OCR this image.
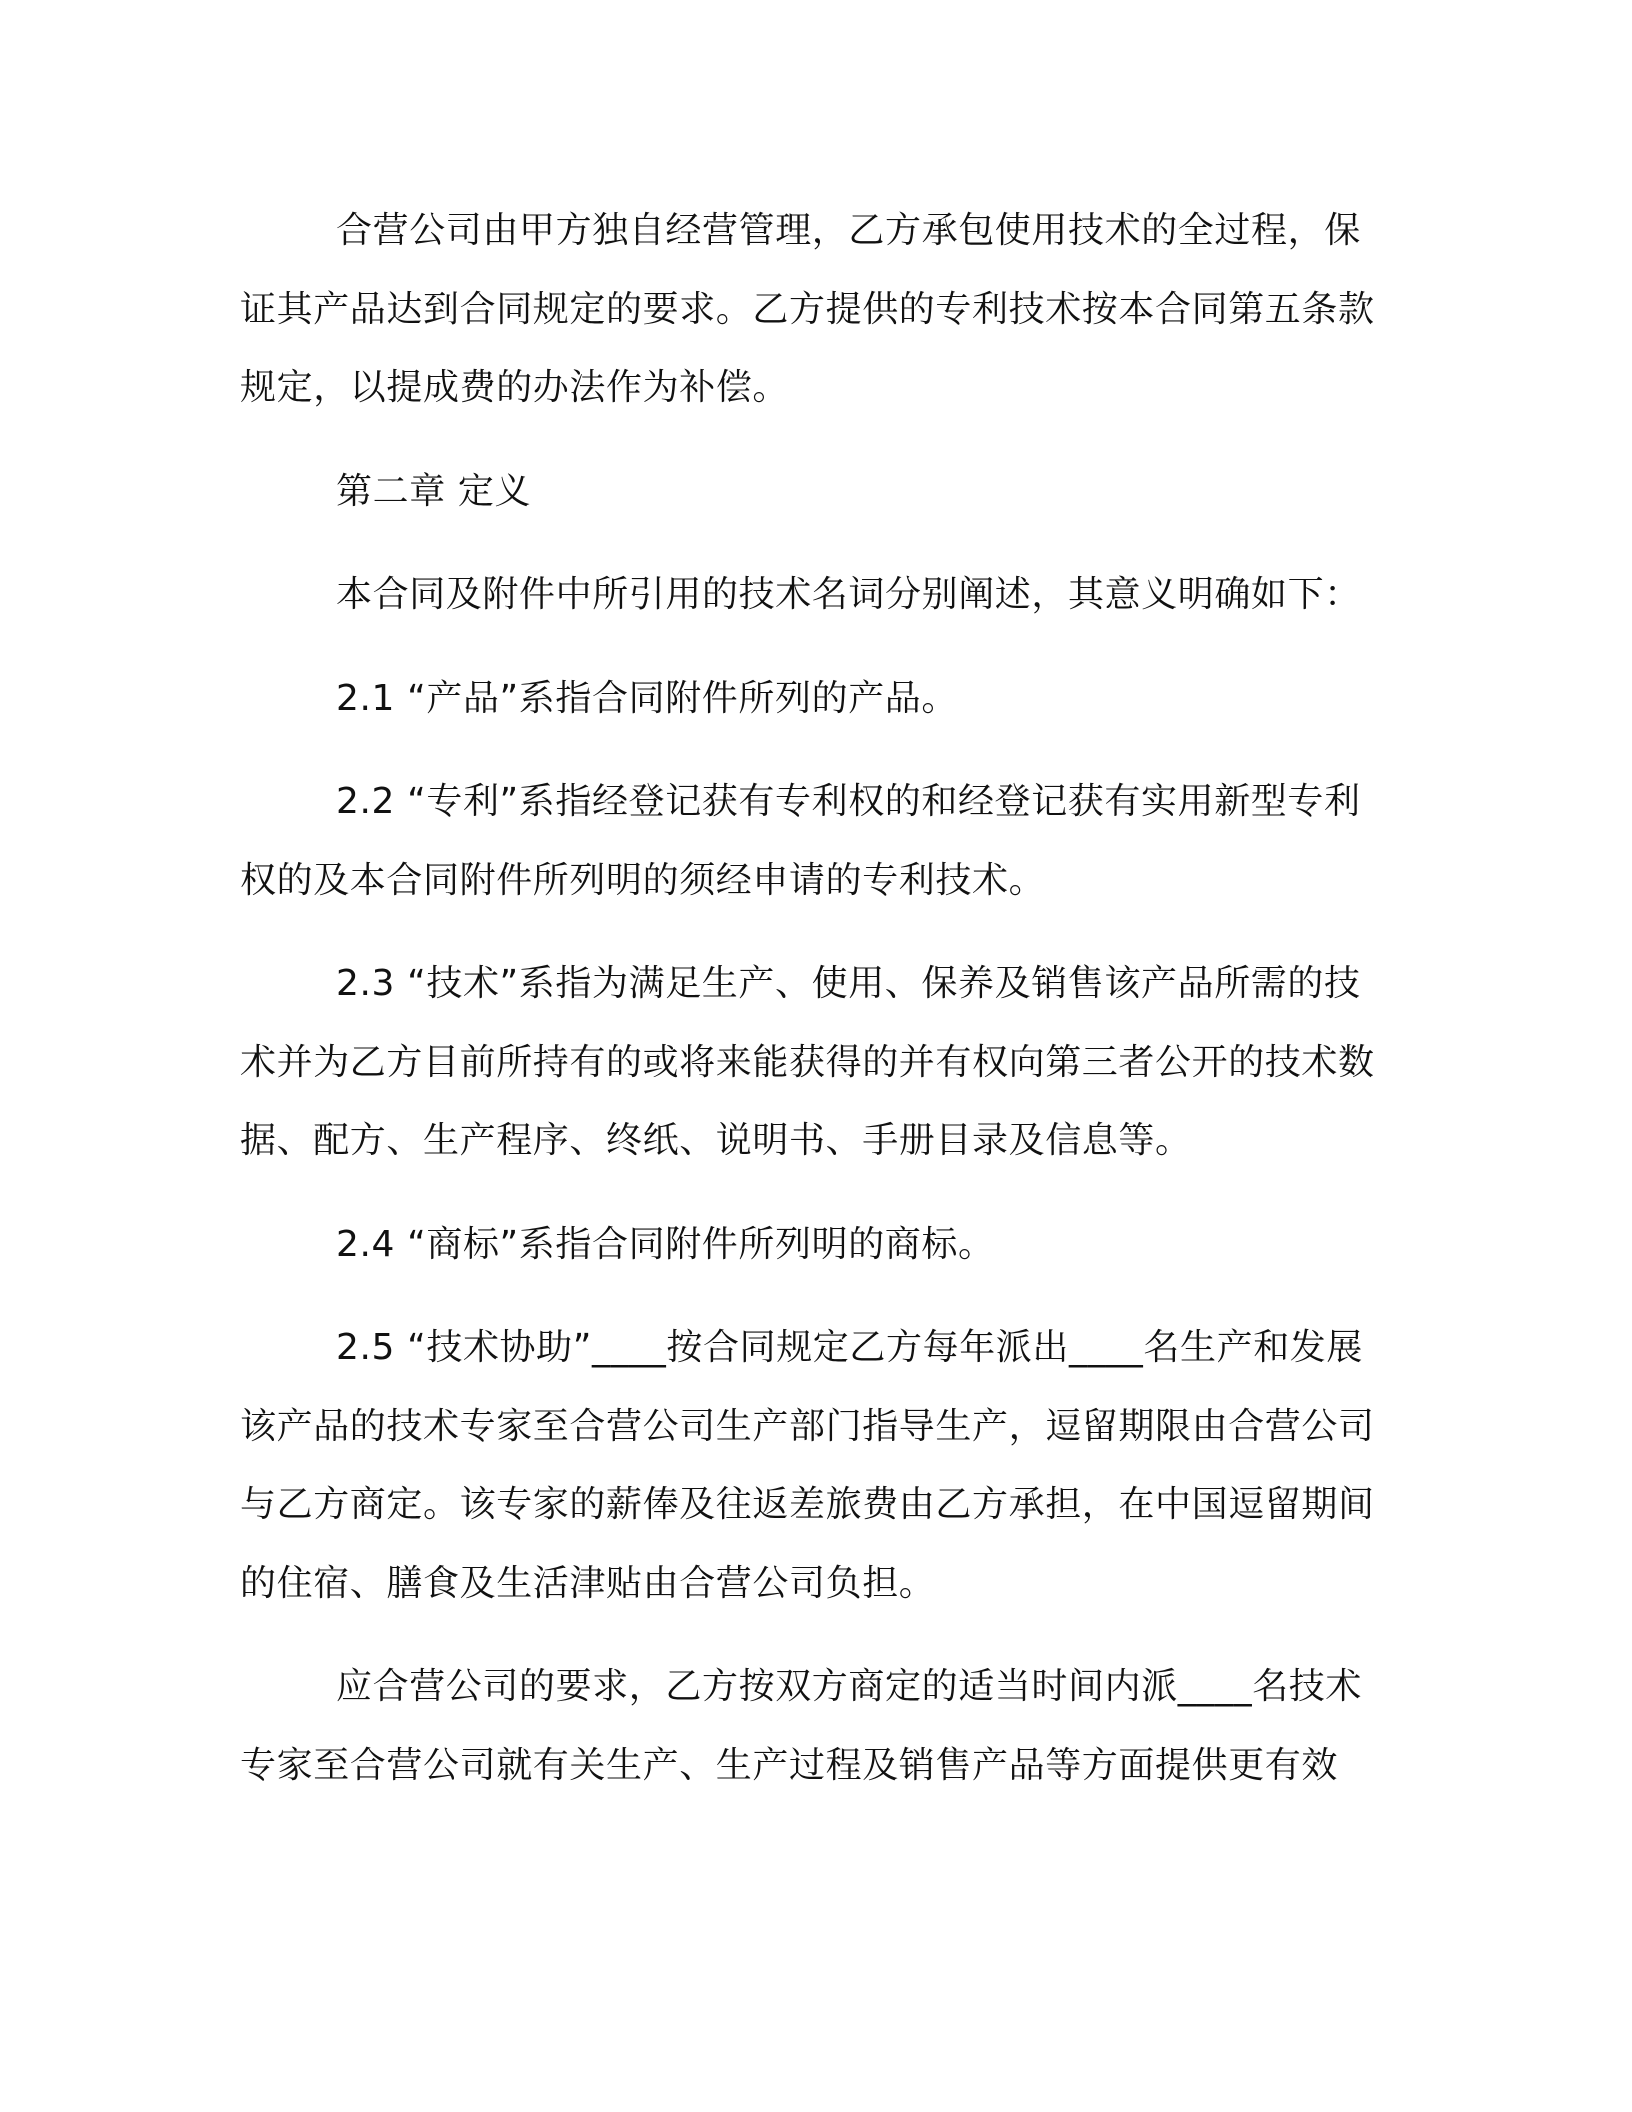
合营公司由甲方独自经营管理，乙方承包使用技术的全过程，保证其产品达到合同规定的要求。乙方提供的专利技术按本合同第五条款规定，以提成费的办法作为补偿。

第二章 定义

本合同及附件中所引用的技术名词分别阐述，其意义明确如下：

2.1 “产品”系指合同附件所列的产品。

2.2 “专利”系指经登记获有专利权的和经登记获有实用新型专利权的及本合同附件所列明的须经申请的专利技术。

2.3 “技术”系指为满足生产、使用、保养及销售该产品所需的技术并为乙方目前所持有的或将来能获得的并有权向第三者公开的技术数据、配方、生产程序、终纸、说明书、手册目录及信息等。

2.4 “商标”系指合同附件所列明的商标。

2.5 “技术协助”____按合同规定乙方每年派出____名生产和发展该产品的技术专家至合营公司生产部门指导生产，逗留期限由合营公司与乙方商定。该专家的薪俸及往返差旅费由乙方承担，在中国逗留期间的住宿、膳食及生活津贴由合营公司负担。

应合营公司的要求，乙方按双方商定的适当时间内派____名技术专家至合营公司就有关生产、生产过程及销售产品等方面提供更有效
